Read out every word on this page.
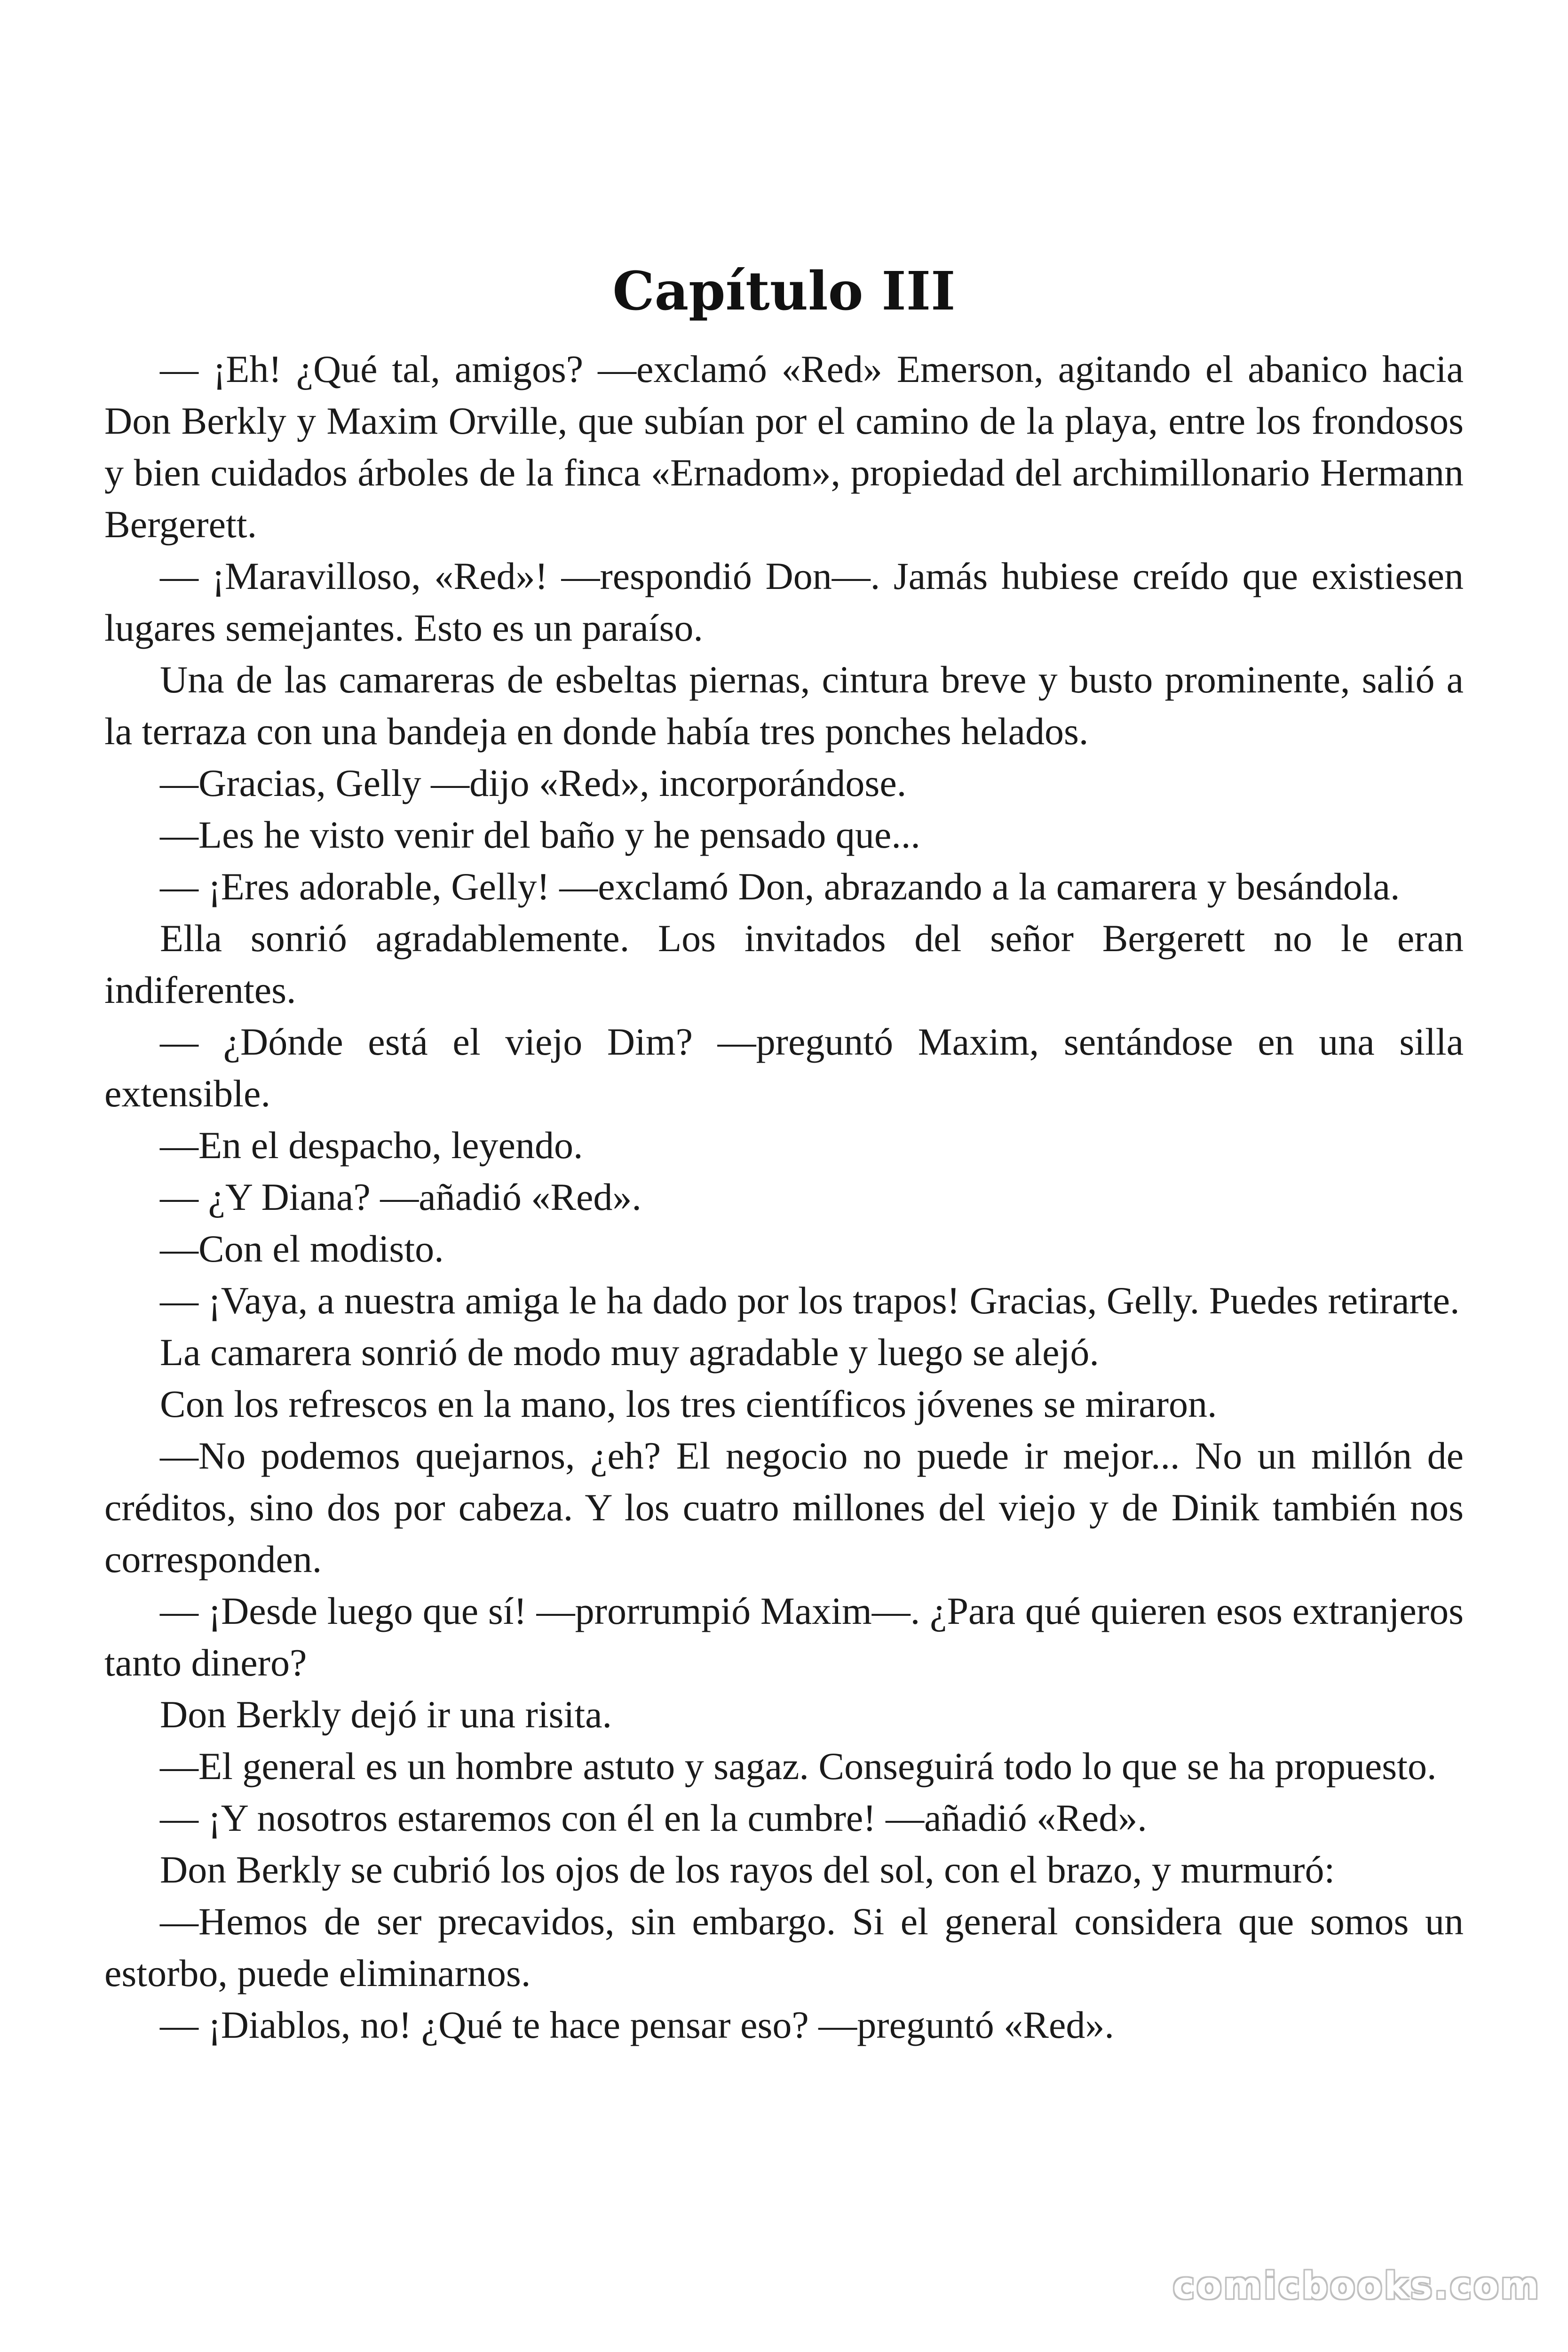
Capítulo III

— ¡Eh! ¿Qué tal, amigos? —exclamó «Red» Emerson, agitando el abanico hacia Don Berkly y Maxim Orville, que subían por el camino de la playa, entre los frondosos y bien cuidados árboles de la finca «Ernadom», propiedad del archimillonario Hermann Bergerett.

— ¡Maravilloso, «Red»! —respondió Don—. Jamás hubiese creído que existiesen lugares semejantes. Esto es un paraíso.

Una de las camareras de esbeltas piernas, cintura breve y busto prominente, salió a la terraza con una bandeja en donde había tres ponches helados.

—Gracias, Gelly —dijo «Red», incorporándose.

—Les he visto venir del baño y he pensado que...

— ¡Eres adorable, Gelly! —exclamó Don, abrazando a la camarera y besándola.

Ella sonrió agradablemente. Los invitados del señor Bergerett no le eran indiferentes.

— ¿Dónde está el viejo Dim? —preguntó Maxim, sentándose en una silla extensible.

—En el despacho, leyendo.

— ¿Y Diana? —añadió «Red».

—Con el modisto.

— ¡Vaya, a nuestra amiga le ha dado por los trapos! Gracias, Gelly. Puedes retirarte.

La camarera sonrió de modo muy agradable y luego se alejó.

Con los refrescos en la mano, los tres científicos jóvenes se miraron.

—No podemos quejarnos, ¿eh? El negocio no puede ir mejor... No un millón de créditos, sino dos por cabeza. Y los cuatro millones del viejo y de Dinik también nos corresponden.

— ¡Desde luego que sí! —prorrumpió Maxim—. ¿Para qué quieren esos extranjeros tanto dinero?

Don Berkly dejó ir una risita.

—El general es un hombre astuto y sagaz. Conseguirá todo lo que se ha propuesto.

— ¡Y nosotros estaremos con él en la cumbre! —añadió «Red».

Don Berkly se cubrió los ojos de los rayos del sol, con el brazo, y murmuró:

—Hemos de ser precavidos, sin embargo. Si el general considera que somos un estorbo, puede eliminarnos.

— ¡Diablos, no! ¿Qué te hace pensar eso? —preguntó «Red».

comicbooks.com
